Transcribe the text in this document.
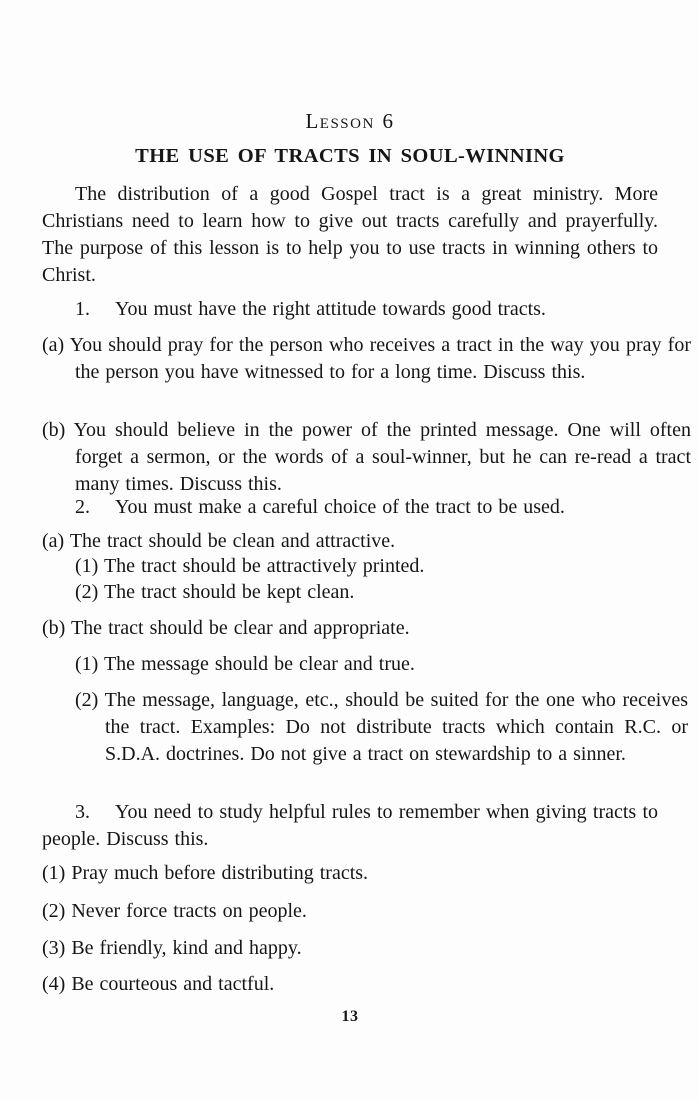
Lesson 6
THE USE OF TRACTS IN SOUL-WINNING

The distribution of a good Gospel tract is a great ministry. More Christians need to learn how to give out tracts carefully and prayerfully. The purpose of this lesson is to help you to use tracts in winning others to Christ.

1. You must have the right attitude towards good tracts.

(a) You should pray for the person who receives a tract in the way you pray for the person you have witnessed to for a long time. Discuss this.

(b) You should believe in the power of the printed message. One will often forget a sermon, or the words of a soul-winner, but he can re-read a tract many times. Discuss this.

2. You must make a careful choice of the tract to be used.

(a) The tract should be clean and attractive.

(1) The tract should be attractively printed.

(2) The tract should be kept clean.

(b) The tract should be clear and appropriate.

(1) The message should be clear and true.

(2) The message, language, etc., should be suited for the one who receives the tract. Examples: Do not distribute tracts which contain R.C. or S.D.A. doctrines. Do not give a tract on stewardship to a sinner.

3. You need to study helpful rules to remember when giving tracts to people. Discuss this.

(1) Pray much before distributing tracts.

(2) Never force tracts on people.

(3) Be friendly, kind and happy.

(4) Be courteous and tactful.

13
